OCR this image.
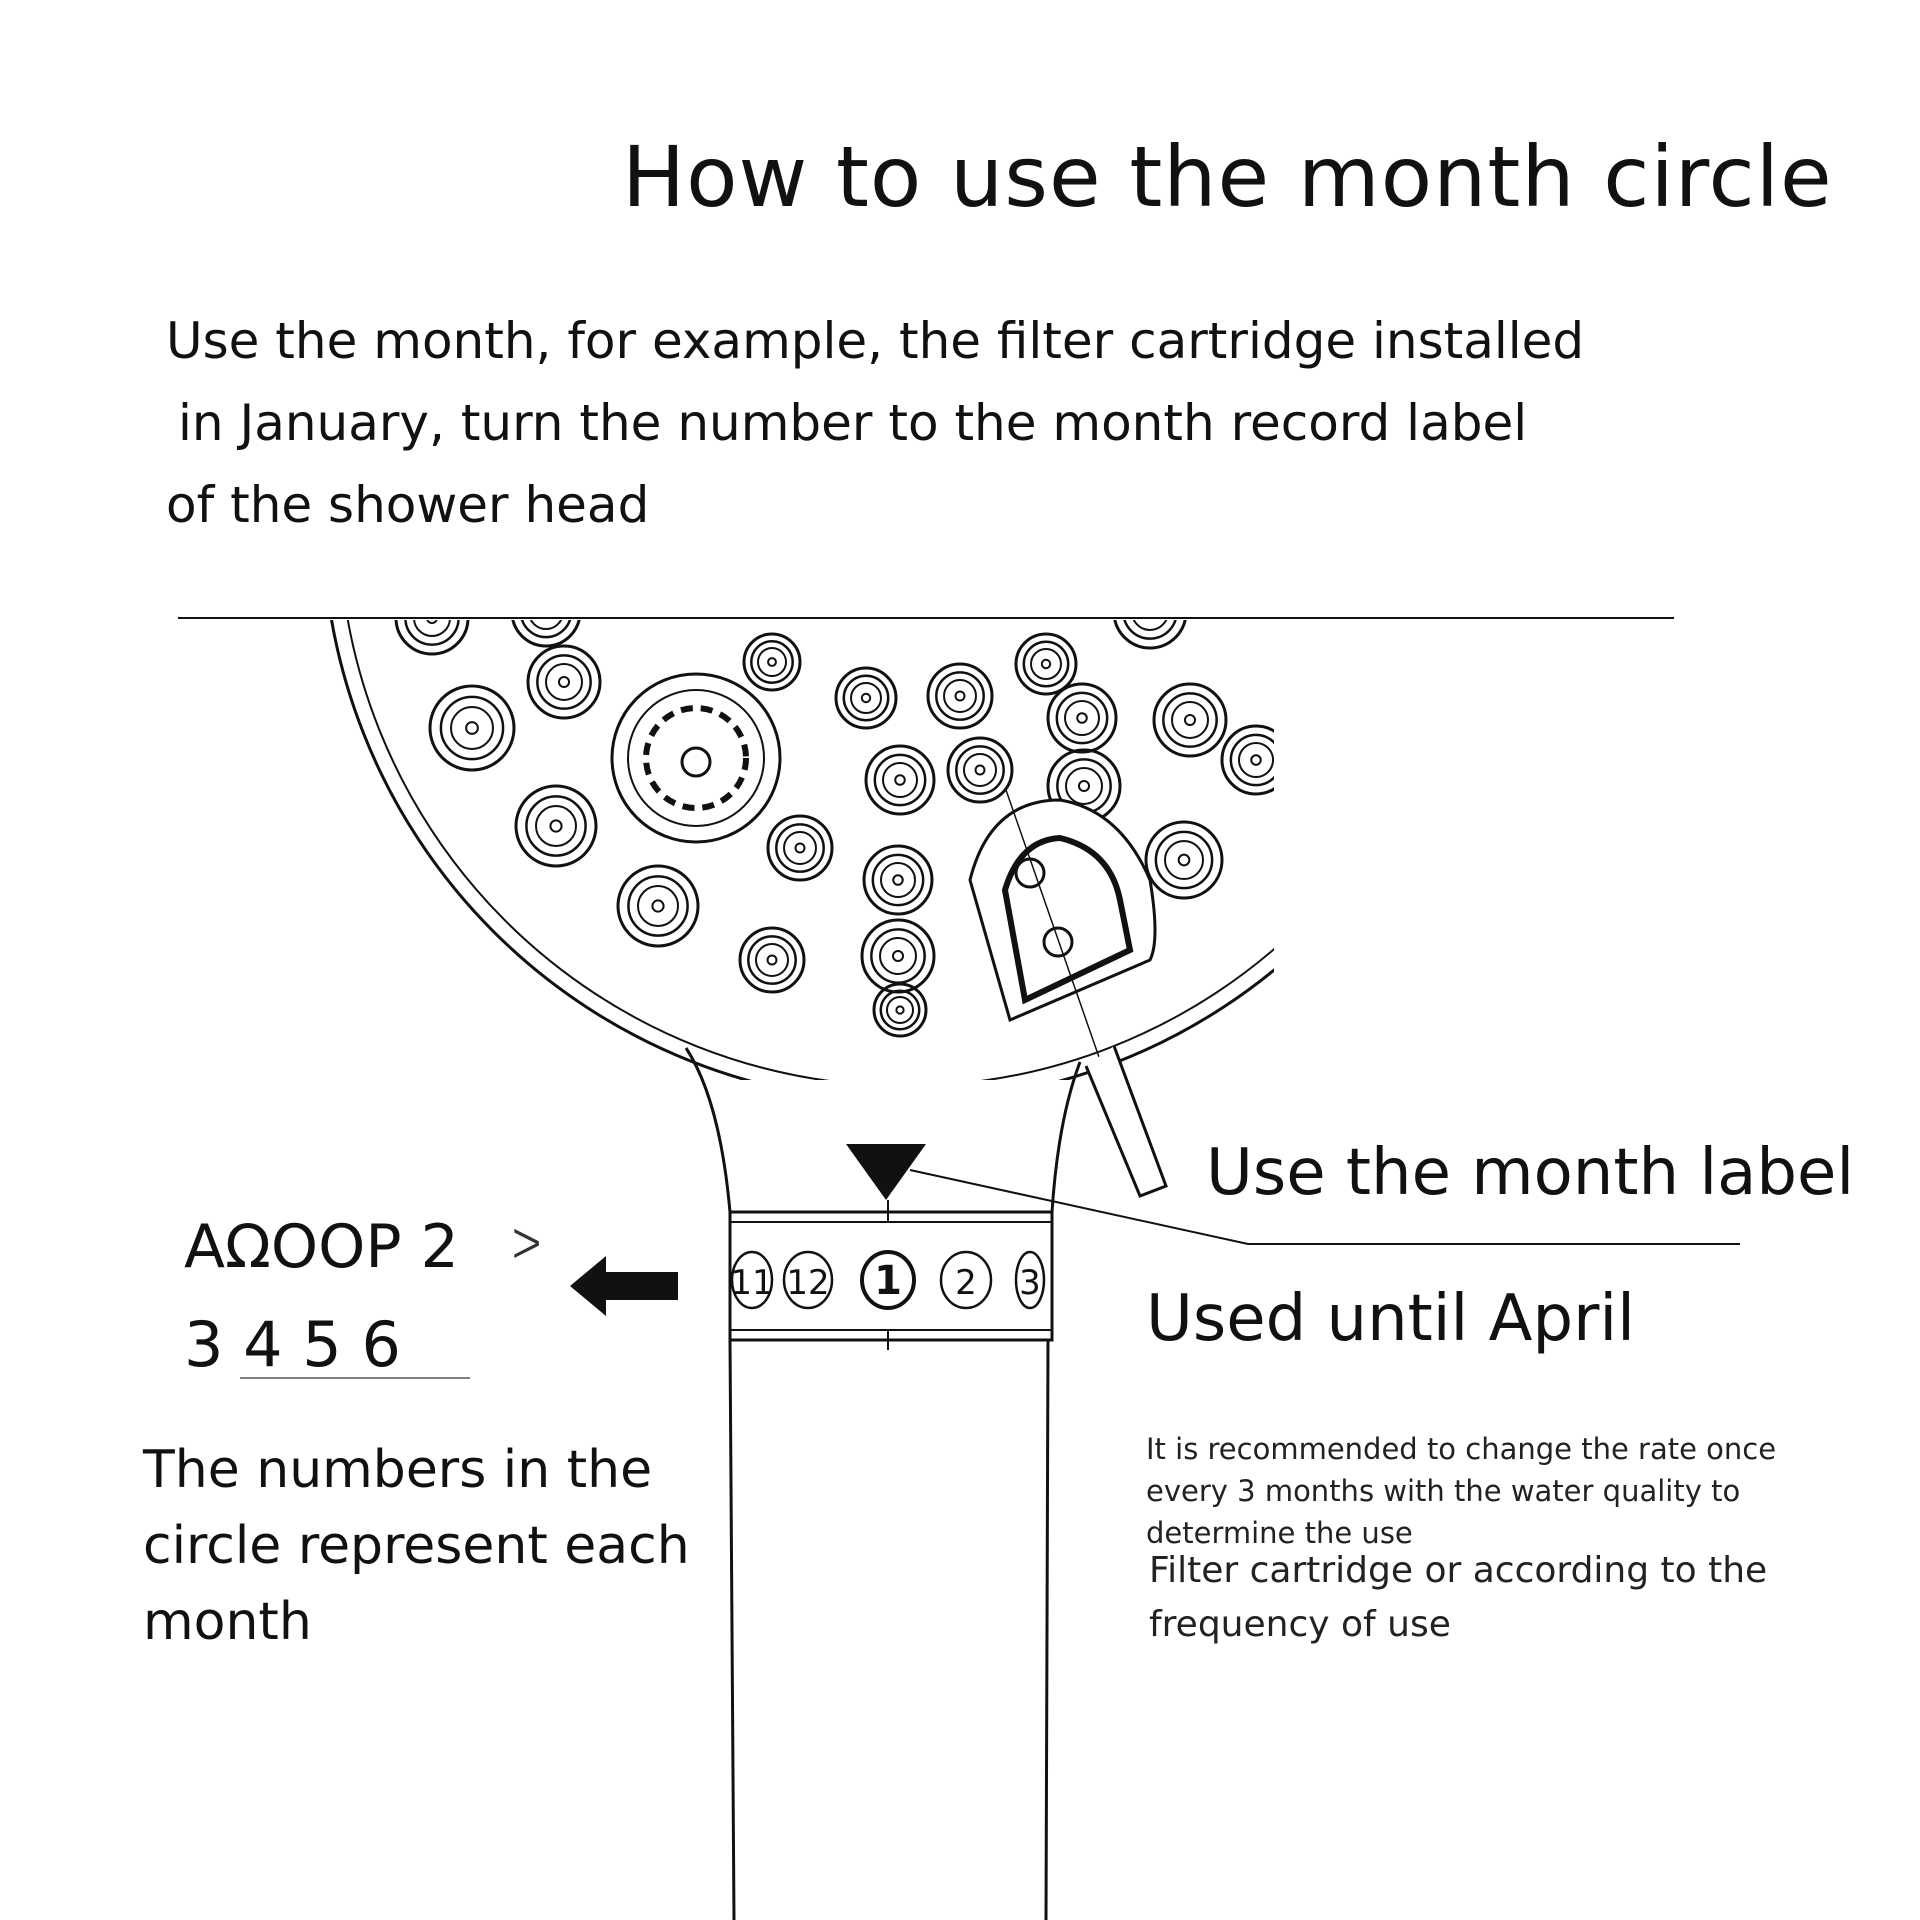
11 12 1 2 3
How to use the month circle
Use the month, for example, the filter cartridge installed
in January, turn the number to the month record label
of the shower head
Use the month label
Used until April
It is recommended to change the rate once
every 3 months with the water quality to
determine the use
Filter cartridge or according to the
frequency of use
AΩOOP 2 ᐳ
3 4 5 6
The numbers in the
circle represent each
month
